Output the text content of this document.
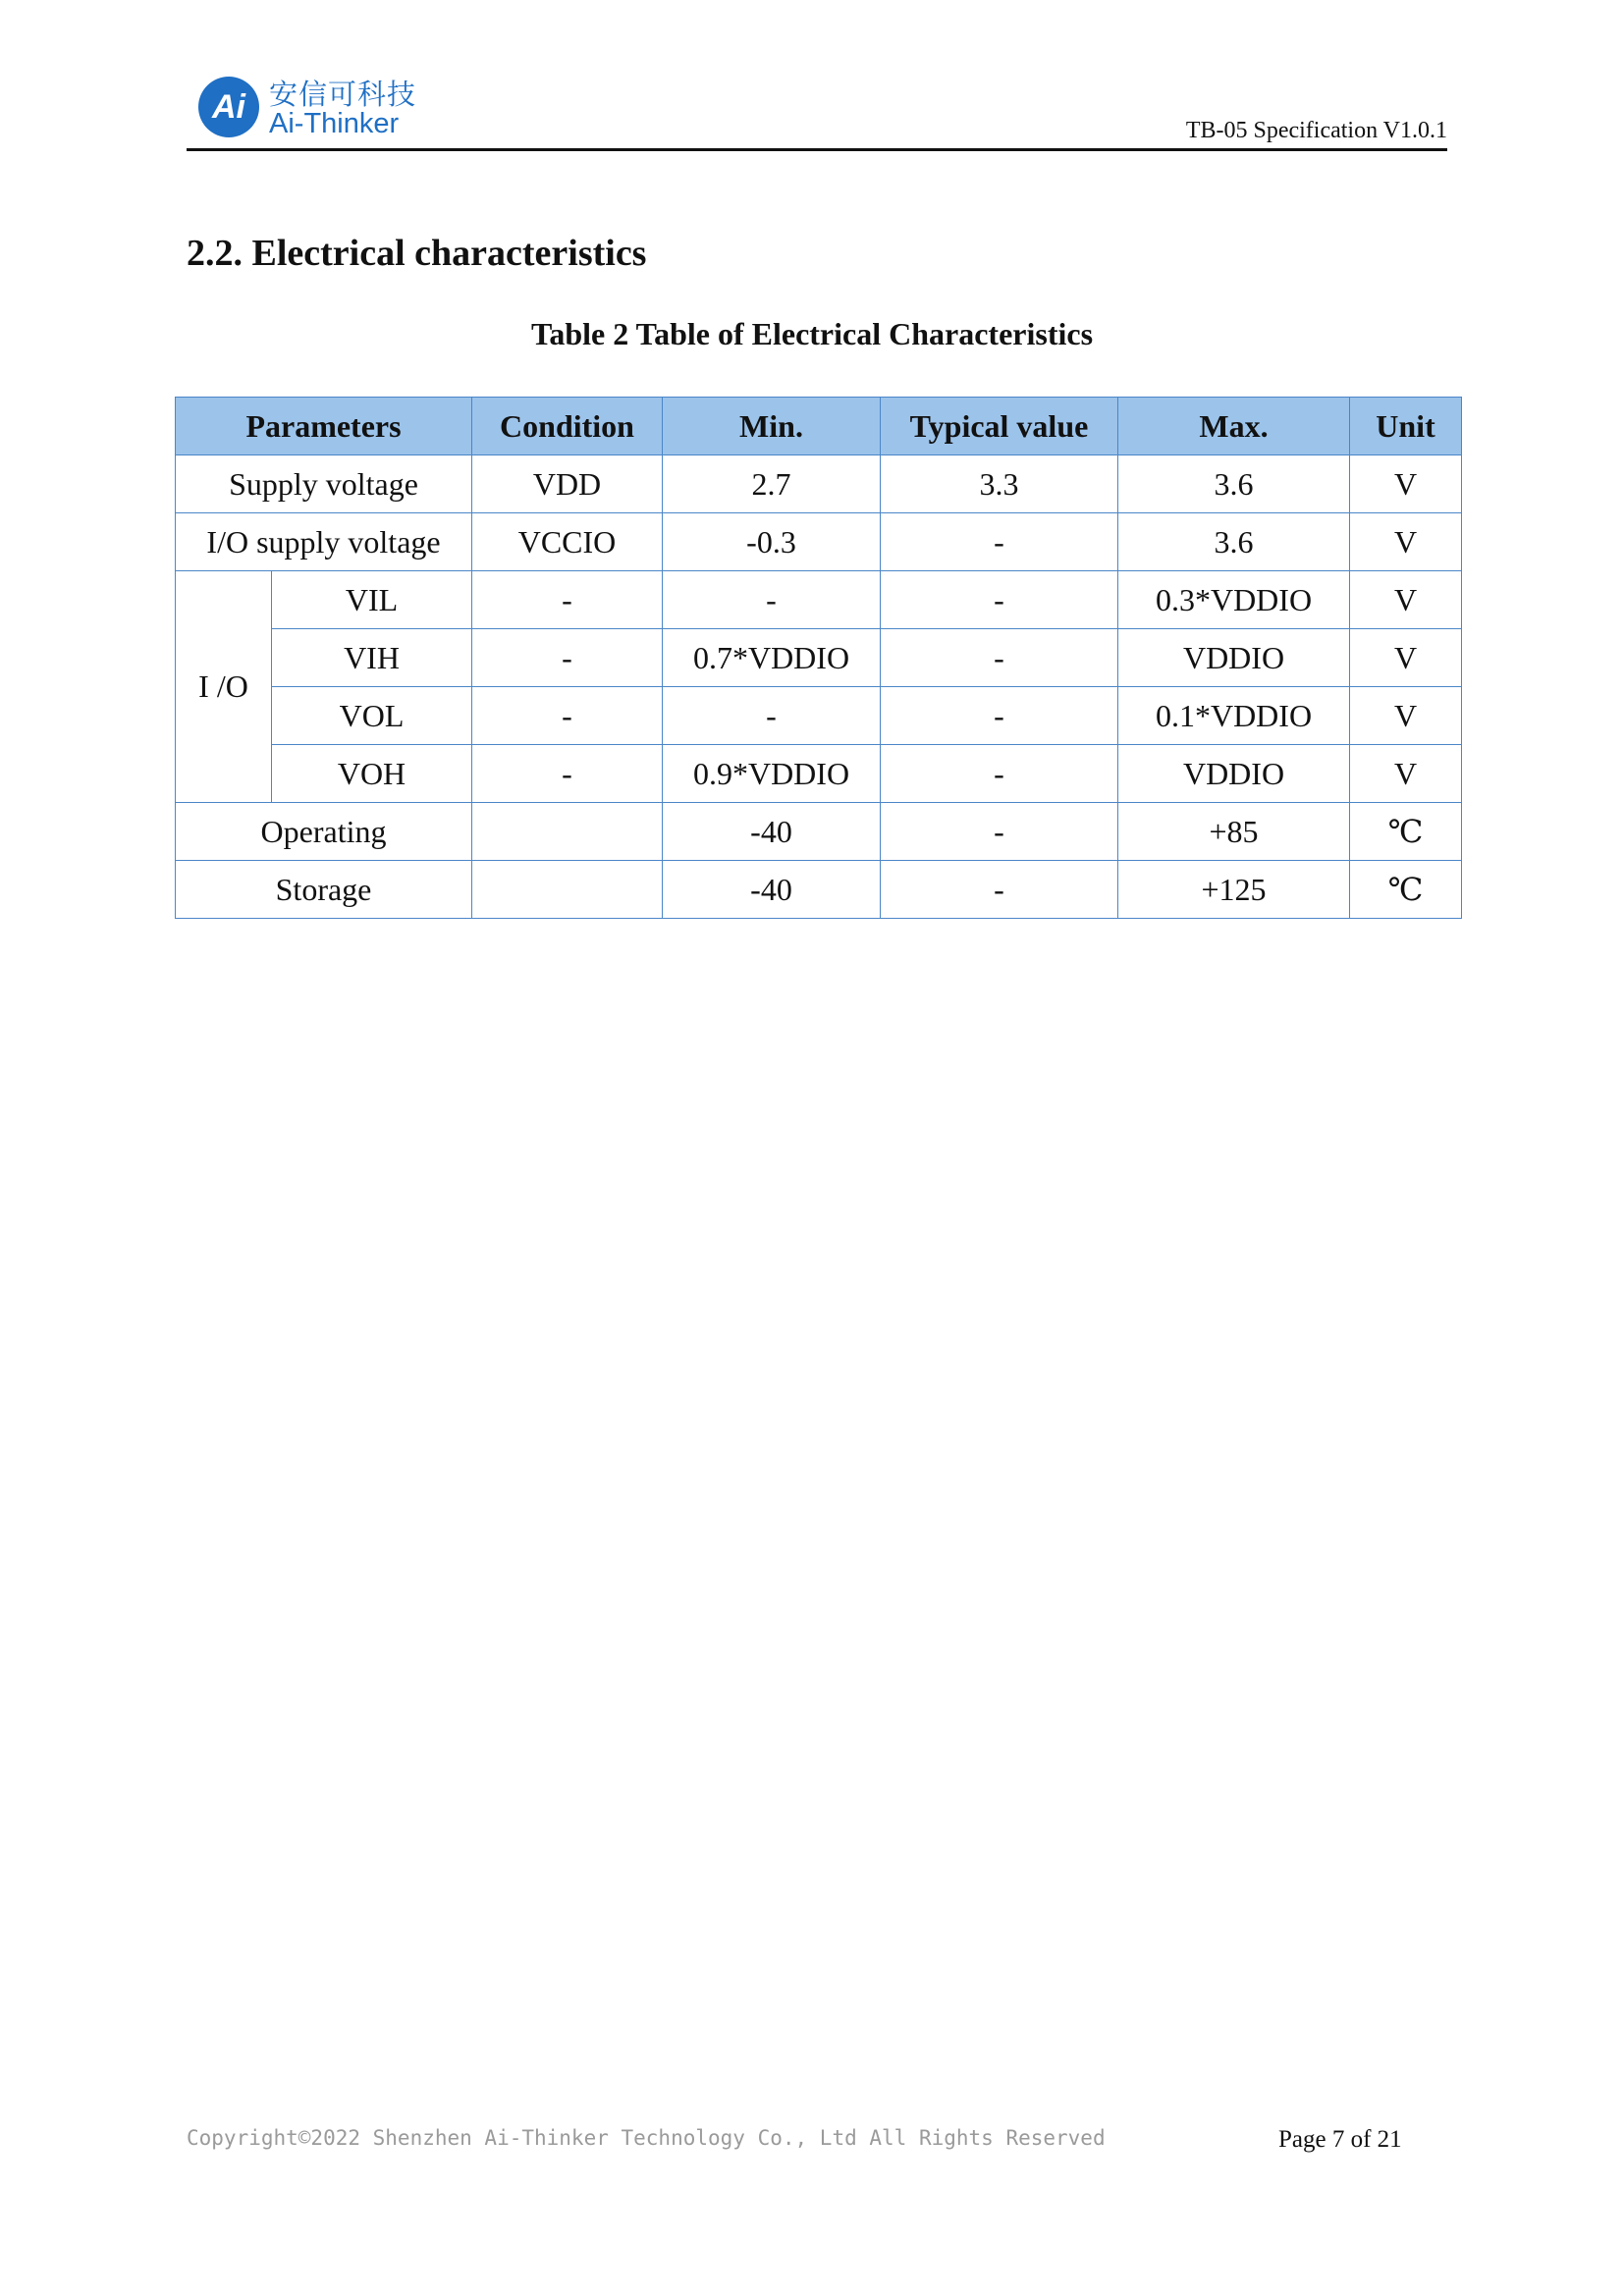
Ai 安信可科技
Ai-Thinker	TB-05 Specification V1.0.1
2.2. Electrical characteristics
Table 2 Table of Electrical Characteristics
Parameters		Condition	Min.	Typical value	Max.	Unit
Supply voltage		VDD	2.7	3.3	3.6	V
I/O supply voltage		VCCIO	-0.3	-	3.6	V
I /O	VIL	-	-	-	0.3*VDDIO	V
	VIH	-	0.7*VDDIO	-	VDDIO	V
	VOL	-	-	-	0.1*VDDIO	V
	VOH	-	0.9*VDDIO	-	VDDIO	V
Operating			-40	-	+85	℃
Storage			-40	-	+125	℃
Copyright©2022 Shenzhen Ai-Thinker Technology Co., Ltd All Rights Reserved	Page 7 of 21
